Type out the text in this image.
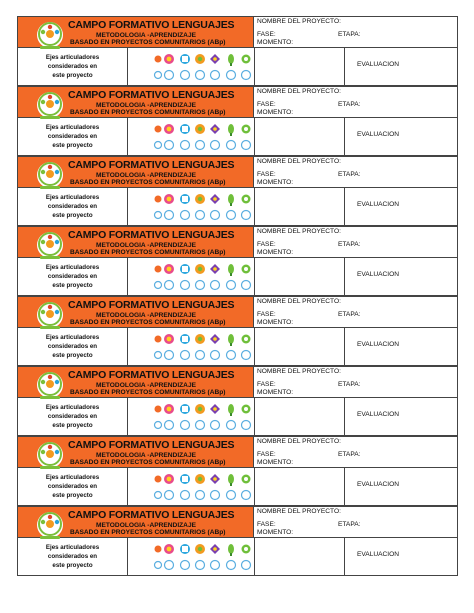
CAMPO FORMATIVO LENGUAJES
METODOLOGIA -APRENDIZAJE
BASADO EN PROYECTOS COMUNITARIOS (ABp)
NOMBRE DEL PROYECTO:
FASE:	ETAPA:
MOMENTO:
Ejes articuladores
considerados en
este proyecto
EVALUACION
CAMPO FORMATIVO LENGUAJES
METODOLOGIA -APRENDIZAJE
BASADO EN PROYECTOS COMUNITARIOS (ABp)
NOMBRE DEL PROYECTO:
FASE:	ETAPA:
MOMENTO:
Ejes articuladores
considerados en
este proyecto
EVALUACION
CAMPO FORMATIVO LENGUAJES
METODOLOGIA -APRENDIZAJE
BASADO EN PROYECTOS COMUNITARIOS (ABp)
NOMBRE DEL PROYECTO:
FASE:	ETAPA:
MOMENTO:
Ejes articuladores
considerados en
este proyecto
EVALUACION
CAMPO FORMATIVO LENGUAJES
METODOLOGIA -APRENDIZAJE
BASADO EN PROYECTOS COMUNITARIOS (ABp)
NOMBRE DEL PROYECTO:
FASE:	ETAPA:
MOMENTO:
Ejes articuladores
considerados en
este proyecto
EVALUACION
CAMPO FORMATIVO LENGUAJES
METODOLOGIA -APRENDIZAJE
BASADO EN PROYECTOS COMUNITARIOS (ABp)
NOMBRE DEL PROYECTO:
FASE:	ETAPA:
MOMENTO:
Ejes articuladores
considerados en
este proyecto
EVALUACION
CAMPO FORMATIVO LENGUAJES
METODOLOGIA -APRENDIZAJE
BASADO EN PROYECTOS COMUNITARIOS (ABp)
NOMBRE DEL PROYECTO:
FASE:	ETAPA:
MOMENTO:
Ejes articuladores
considerados en
este proyecto
EVALUACION
CAMPO FORMATIVO LENGUAJES
METODOLOGIA -APRENDIZAJE
BASADO EN PROYECTOS COMUNITARIOS (ABp)
NOMBRE DEL PROYECTO:
FASE:	ETAPA:
MOMENTO:
Ejes articuladores
considerados en
este proyecto
EVALUACION
CAMPO FORMATIVO LENGUAJES
METODOLOGIA -APRENDIZAJE
BASADO EN PROYECTOS COMUNITARIOS (ABp)
NOMBRE DEL PROYECTO:
FASE:	ETAPA:
MOMENTO:
Ejes articuladores
considerados en
este proyecto
EVALUACION
